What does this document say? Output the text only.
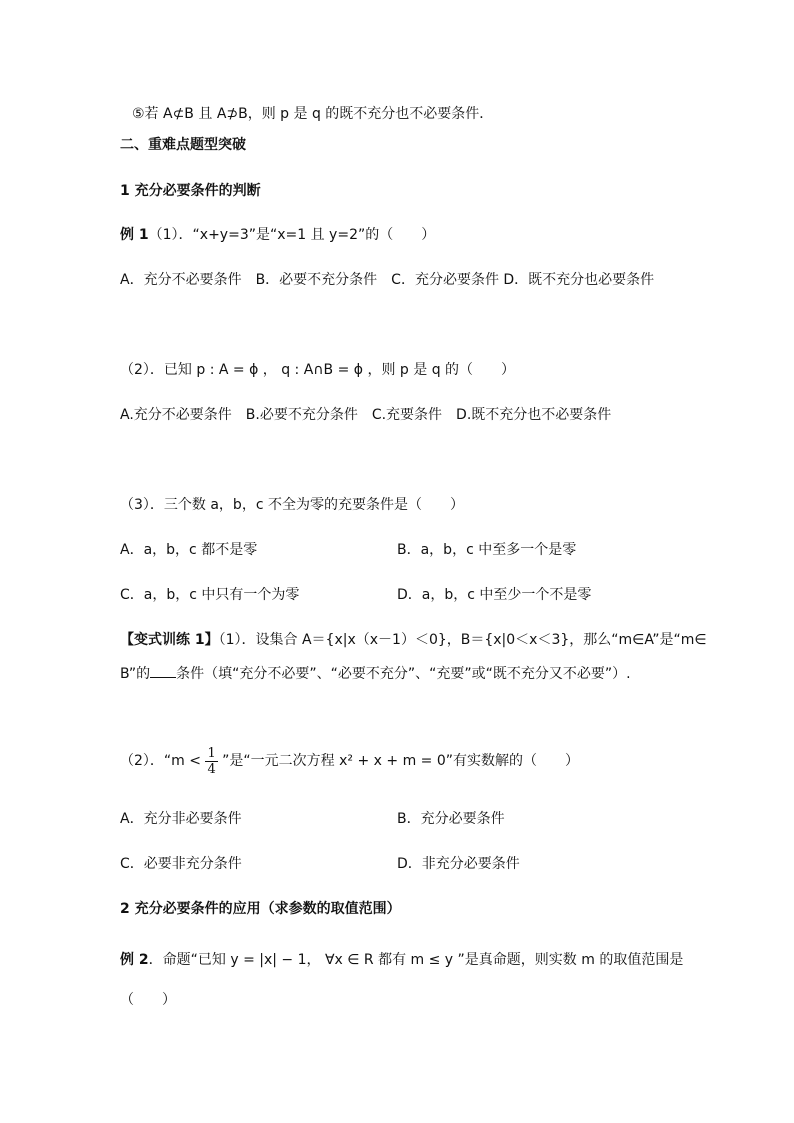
⑤若 A⊄B 且 A⊅B，则 p 是 q 的既不充分也不必要条件．
二、重难点题型突破
1 充分必要条件的判断
例 1（1）．“x+y=3”是“x=1 且 y=2”的（　　）
A．充分不必要条件　B．必要不充分条件　C．充分必要条件 D．既不充分也必要条件
（2）．已知 p : A = ϕ ， q : A∩B = ϕ ，则 p 是 q 的（　　）
A.充分不必要条件　B.必要不充分条件　C.充要条件　D.既不充分也不必要条件
（3）．三个数 a，b，c 不全为零的充要条件是（　　）
A．a，b，c 都不是零	B．a，b，c 中至多一个是零
C．a，b，c 中只有一个为零	D．a，b，c 中至少一个不是零
【变式训练 1】（1）．设集合 A＝{x|x（x－1）＜0}，B＝{x|0＜x＜3}，那么“m∈A”是“m∈
B”的 条件（填“充分不必要”、“必要不充分”、“充要”或“既不充分又不必要”）.
（2）．“$m < \frac{1}{4}$ ”是“一元二次方程 x² + x + m = 0”有实数解的（　　）
A．充分非必要条件	B．充分必要条件
C．必要非充分条件	D．非充分必要条件
2 充分必要条件的应用（求参数的取值范围）
例 2．命题“已知 y = |x| − 1， ∀x ∈ R 都有 m ≤ y ”是真命题，则实数 m 的取值范围是
（　　）
